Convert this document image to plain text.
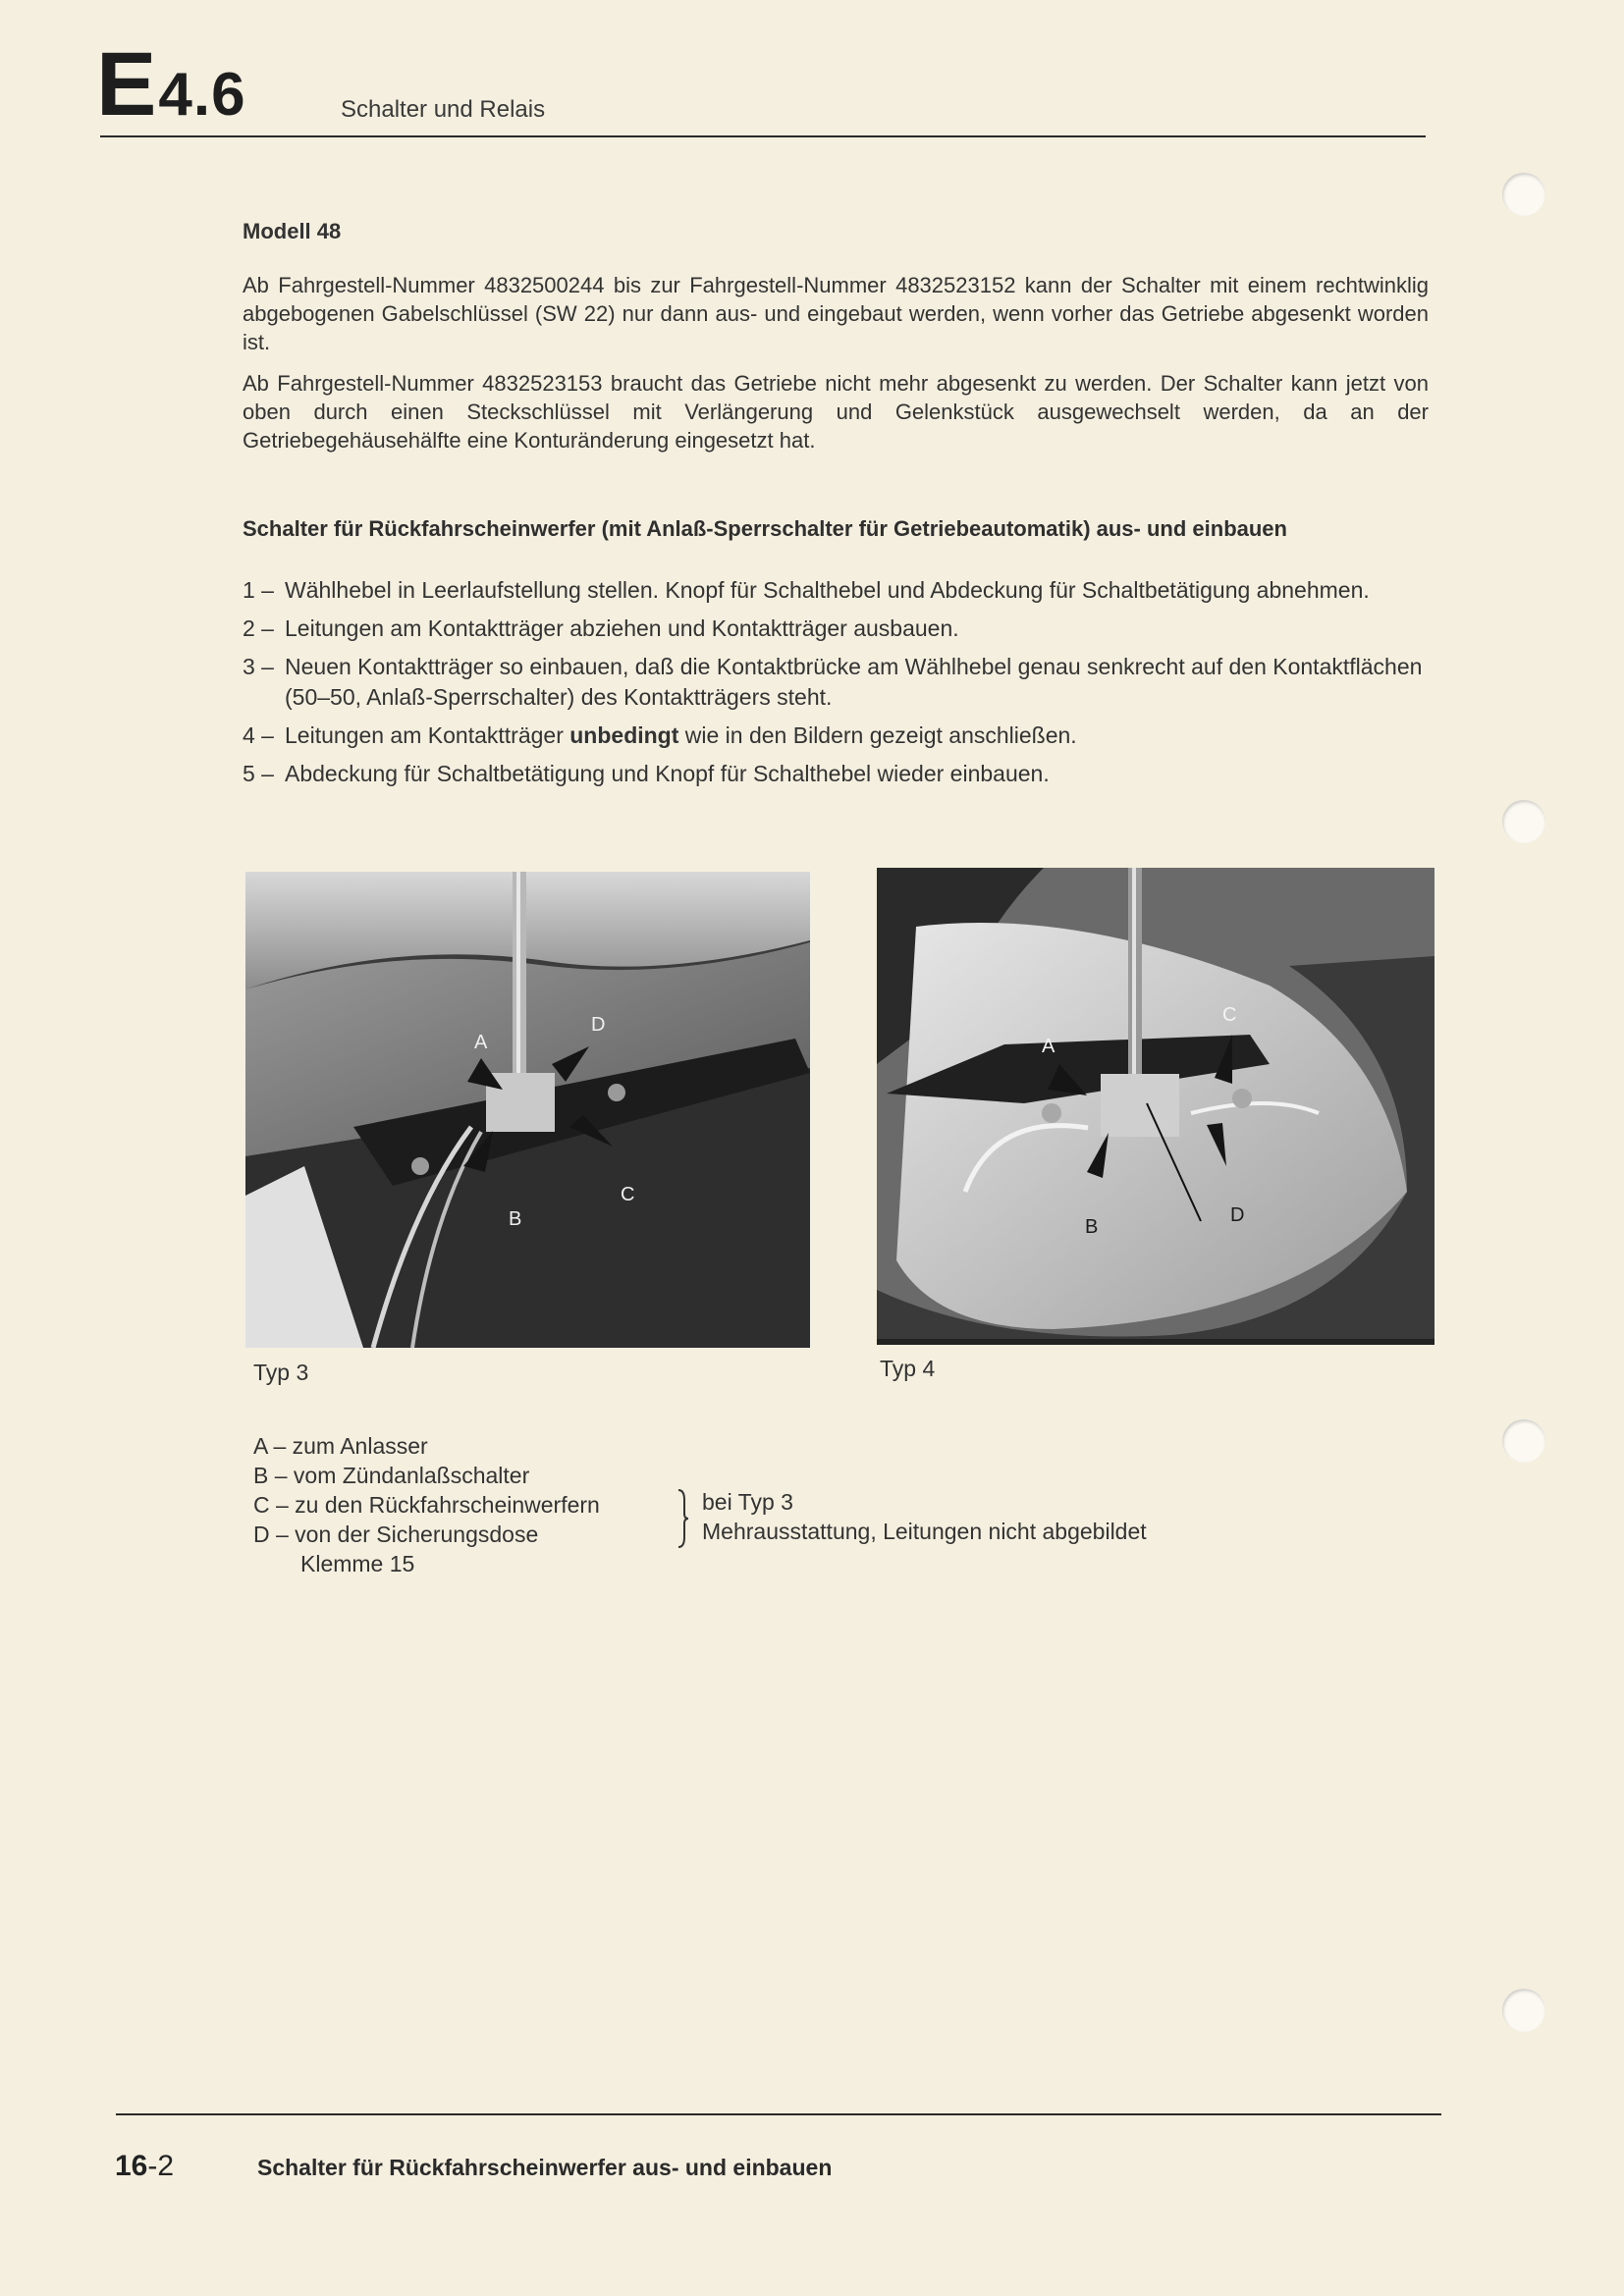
E4.6	Schalter und Relais
Modell 48

Ab Fahrgestell-Nummer 4832500244 bis zur Fahrgestell-Nummer 4832523152 kann der Schalter mit einem rechtwinklig abgebogenen Gabelschlüssel (SW 22) nur dann aus- und eingebaut werden, wenn vorher das Getriebe abgesenkt worden ist.

Ab Fahrgestell-Nummer 4832523153 braucht das Getriebe nicht mehr abgesenkt zu werden. Der Schalter kann jetzt von oben durch einen Steckschlüssel mit Verlängerung und Gelenkstück ausgewechselt werden, da an der Getriebegehäusehälfte eine Konturänderung eingesetzt hat.

Schalter für Rückfahrscheinwerfer (mit Anlaß-Sperrschalter für Getriebeautomatik) aus- und einbauen
1 – Wählhebel in Leerlaufstellung stellen. Knopf für Schalthebel und Abdeckung für Schaltbetätigung abnehmen.
2 – Leitungen am Kontaktträger abziehen und Kontaktträger ausbauen.
3 – Neuen Kontaktträger so einbauen, daß die Kontaktbrücke am Wählhebel genau senkrecht auf den Kontaktflächen (50–50, Anlaß-Sperrschalter) des Kontaktträgers steht.
4 – Leitungen am Kontaktträger unbedingt wie in den Bildern gezeigt anschließen.
5 – Abdeckung für Schaltbetätigung und Knopf für Schalthebel wieder einbauen.
A
D
B
C
Typ 3
A
C
B
D
Typ 4
A – zum Anlasser
B – vom Zündanlaßschalter
C – zu den Rückfahrscheinwerfern
D – von der Sicherungsdose
Klemme 15
bei Typ 3
Mehrausstattung, Leitungen nicht abgebildet
16-2	Schalter für Rückfahrscheinwerfer aus- und einbauen
